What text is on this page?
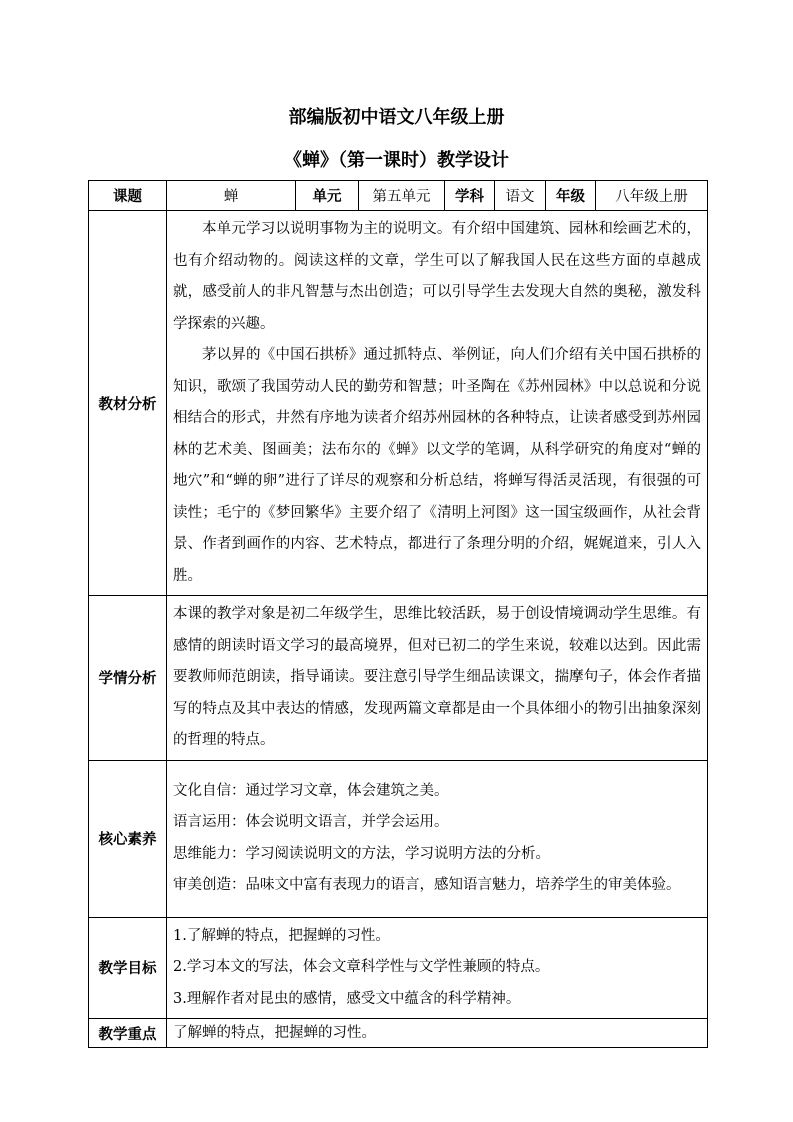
部编版初中语文八年级上册
《蝉》（第一课时）教学设计
课题	蝉	单元	第五单元	学科	语文	年级	八年级上册
教材分析	本单元学习以说明事物为主的说明文。有介绍中国建筑、园林和绘画艺术的，也有介绍动物的。阅读这样的文章，学生可以了解我国人民在这些方面的卓越成就，感受前人的非凡智慧与杰出创造；可以引导学生去发现大自然的奥秘，激发科学探索的兴趣。

茅以昇的《中国石拱桥》通过抓特点、举例证，向人们介绍有关中国石拱桥的知识，歌颂了我国劳动人民的勤劳和智慧；叶圣陶在《苏州园林》中以总说和分说相结合的形式，井然有序地为读者介绍苏州园林的各种特点，让读者感受到苏州园林的艺术美、图画美；法布尔的《蝉》以文学的笔调，从科学研究的角度对“蝉的地穴”和“蝉的卵”进行了详尽的观察和分析总结，将蝉写得活灵活现，有很强的可读性；毛宁的《梦回繁华》主要介绍了《清明上河图》这一国宝级画作，从社会背景、作者到画作的内容、艺术特点，都进行了条理分明的介绍，娓娓道来，引人入胜。						

学情分析	本课的教学对象是初二年级学生，思维比较活跃，易于创设情境调动学生思维。有感情的朗读时语文学习的最高境界，但对已初二的学生来说，较难以达到。因此需要教师师范朗读，指导诵读。要注意引导学生细品读课文，揣摩句子，体会作者描写的特点及其中表达的情感，发现两篇文章都是由一个具体细小的物引出抽象深刻的哲理的特点。						

核心素养	文化自信：通过学习文章，体会建筑之美。

语言运用：体会说明文语言，并学会运用。

思维能力：学习阅读说明文的方法，学习说明方法的分析。

审美创造：品味文中富有表现力的语言，感知语言魅力，培养学生的审美体验。						

教学目标	1.了解蝉的特点，把握蝉的习性。

2.学习本文的写法，体会文章科学性与文学性兼顾的特点。

3.理解作者对昆虫的感情，感受文中蕴含的科学精神。						

教学重点	了解蝉的特点，把握蝉的习性。						
